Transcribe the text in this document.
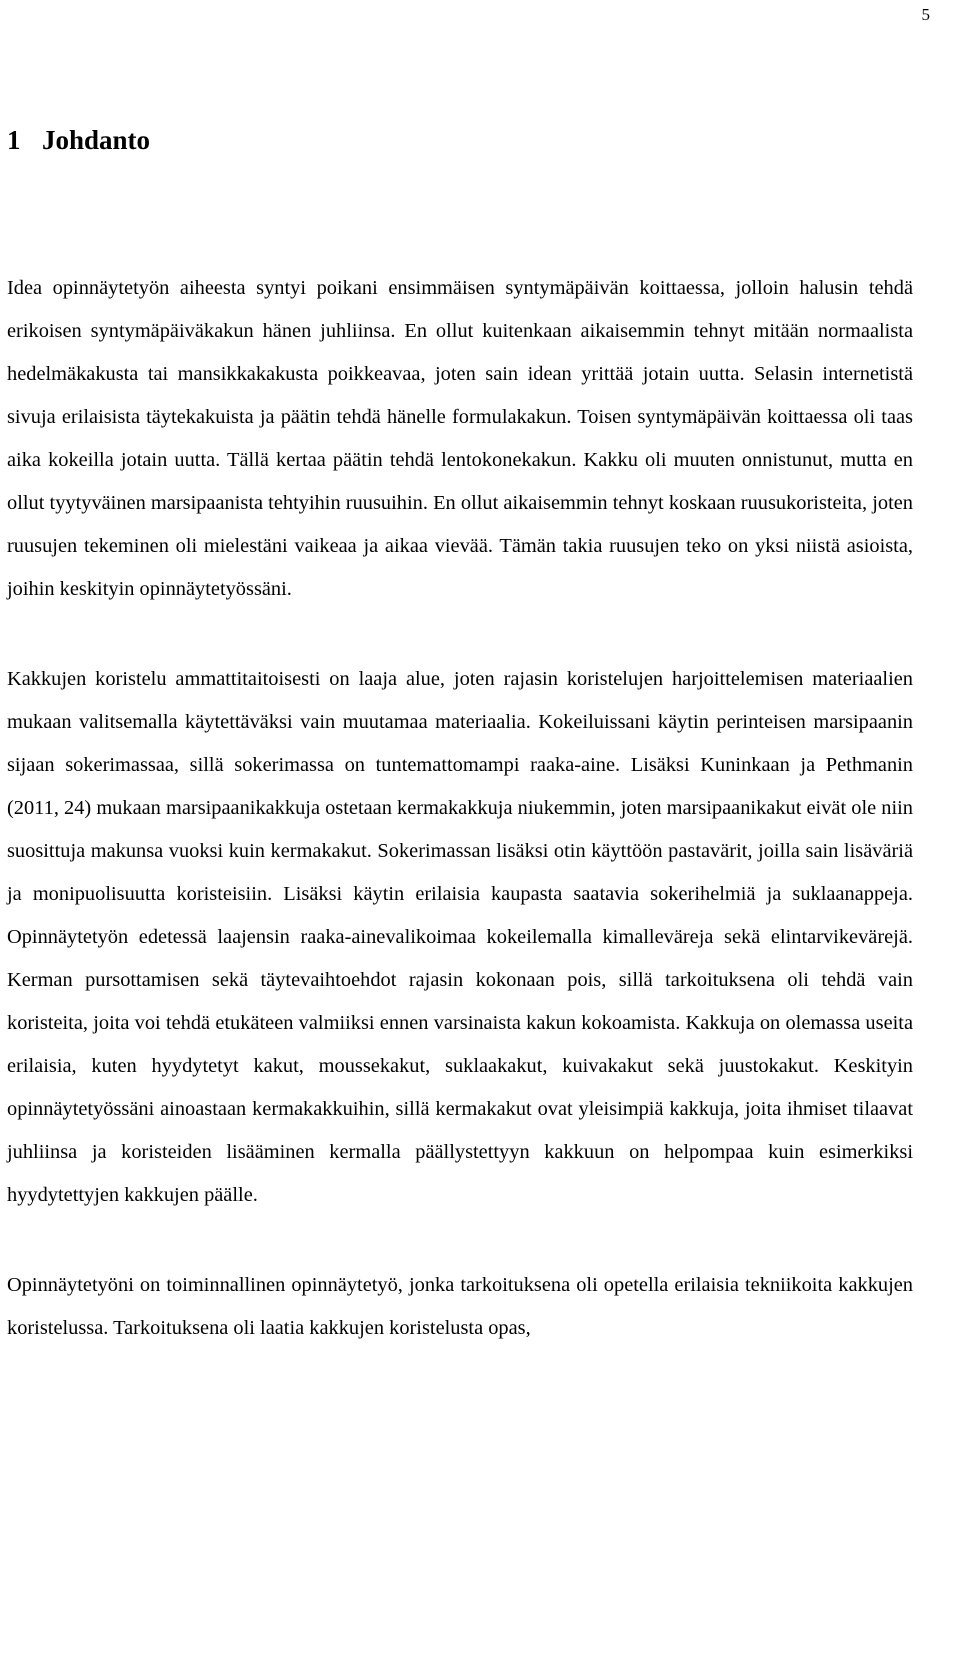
5
1 Johdanto

Idea opinnäytetyön aiheesta syntyi poikani ensimmäisen syntymäpäivän koittaessa, jolloin halusin tehdä erikoisen syntymäpäiväkakun hänen juhliinsa. En ollut kuitenkaan aikaisemmin tehnyt mitään normaalista hedelmäkakusta tai mansikkakakusta poikkeavaa, joten sain idean yrittää jotain uutta. Selasin internetistä sivuja erilaisista täytekakuista ja päätin tehdä hänelle formulakakun. Toisen syntymäpäivän koittaessa oli taas aika kokeilla jotain uutta. Tällä kertaa päätin tehdä lentokonekakun. Kakku oli muuten onnistunut, mutta en ollut tyytyväinen marsipaanista tehtyihin ruusuihin. En ollut aikaisemmin tehnyt koskaan ruusukoristeita, joten ruusujen tekeminen oli mielestäni vaikeaa ja aikaa vievää. Tämän takia ruusujen teko on yksi niistä asioista, joihin keskityin opinnäytetyössäni.

Kakkujen koristelu ammattitaitoisesti on laaja alue, joten rajasin koristelujen harjoittelemisen materiaalien mukaan valitsemalla käytettäväksi vain muutamaa materiaalia. Kokeiluissani käytin perinteisen marsipaanin sijaan sokerimassaa, sillä sokerimassa on tuntemattomampi raaka-aine. Lisäksi Kuninkaan ja Pethmanin (2011, 24) mukaan marsipaanikakkuja ostetaan kermakakkuja niukemmin, joten marsipaanikakut eivät ole niin suosittuja makunsa vuoksi kuin kermakakut. Sokerimassan lisäksi otin käyttöön pastavärit, joilla sain lisäväriä ja monipuolisuutta koristeisiin. Lisäksi käytin erilaisia kaupasta saatavia sokerihelmiä ja suklaanappeja. Opinnäytetyön edetessä laajensin raaka-ainevalikoimaa kokeilemalla kimalleväreja sekä elintarvikevärejä. Kerman pursottamisen sekä täytevaihtoehdot rajasin kokonaan pois, sillä tarkoituksena oli tehdä vain koristeita, joita voi tehdä etukäteen valmiiksi ennen varsinaista kakun kokoamista. Kakkuja on olemassa useita erilaisia, kuten hyydytetyt kakut, moussekakut, suklaakakut, kuivakakut sekä juustokakut. Keskityin opinnäytetyössäni ainoastaan kermakakkuihin, sillä kermakakut ovat yleisimpiä kakkuja, joita ihmiset tilaavat juhliinsa ja koristeiden lisääminen kermalla päällystettyyn kakkuun on helpompaa kuin esimerkiksi hyydytettyjen kakkujen päälle.

Opinnäytetyöni on toiminnallinen opinnäytetyö, jonka tarkoituksena oli opetella erilaisia tekniikoita kakkujen koristelussa. Tarkoituksena oli laatia kakkujen koristelusta opas,
